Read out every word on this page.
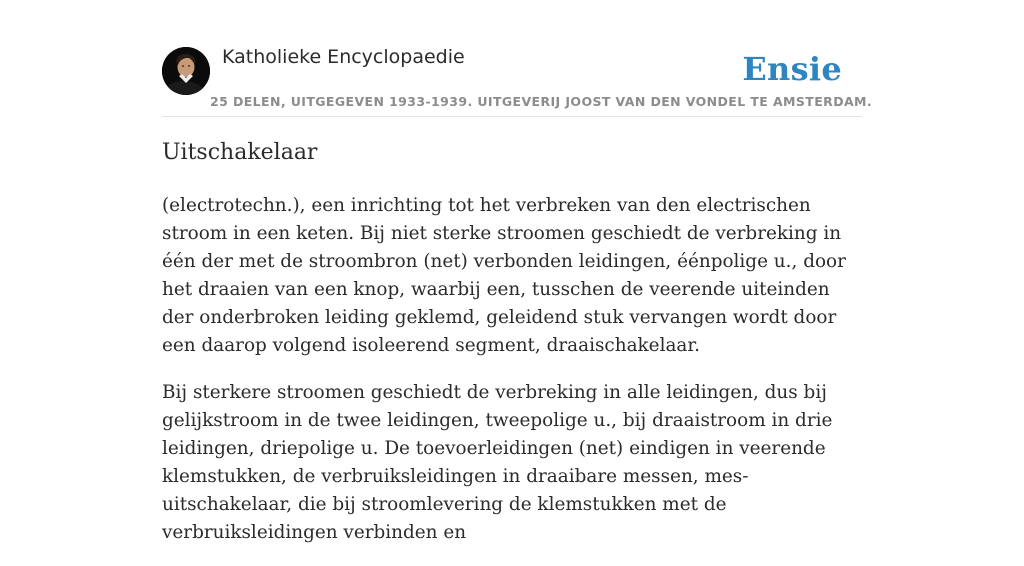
Katholieke Encyclopaedie	Ensie
25 DELEN, UITGEGEVEN 1933-1939. UITGEVERIJ JOOST VAN DEN VONDEL TE AMSTERDAM.
Uitschakelaar

(electrotechn.), een inrichting tot het verbreken van den electrischen stroom in een keten. Bij niet sterke stroomen geschiedt de verbreking in één der met de stroombron (net) verbonden leidingen, éénpolige u., door het draaien van een knop, waarbij een, tusschen de veerende uiteinden der onderbroken leiding geklemd, geleidend stuk vervangen wordt door een daarop volgend isoleerend segment, draaischakelaar.

Bij sterkere stroomen geschiedt de verbreking in alle leidingen, dus bij gelijkstroom in de twee leidingen, tweepolige u., bij draaistroom in drie leidingen, driepolige u. De toevoerleidingen (net) eindigen in veerende klemstukken, de verbruiksleidingen in draaibare messen, mes-uitschakelaar, die bij stroomlevering de klemstukken met de verbruiksleidingen verbinden en
